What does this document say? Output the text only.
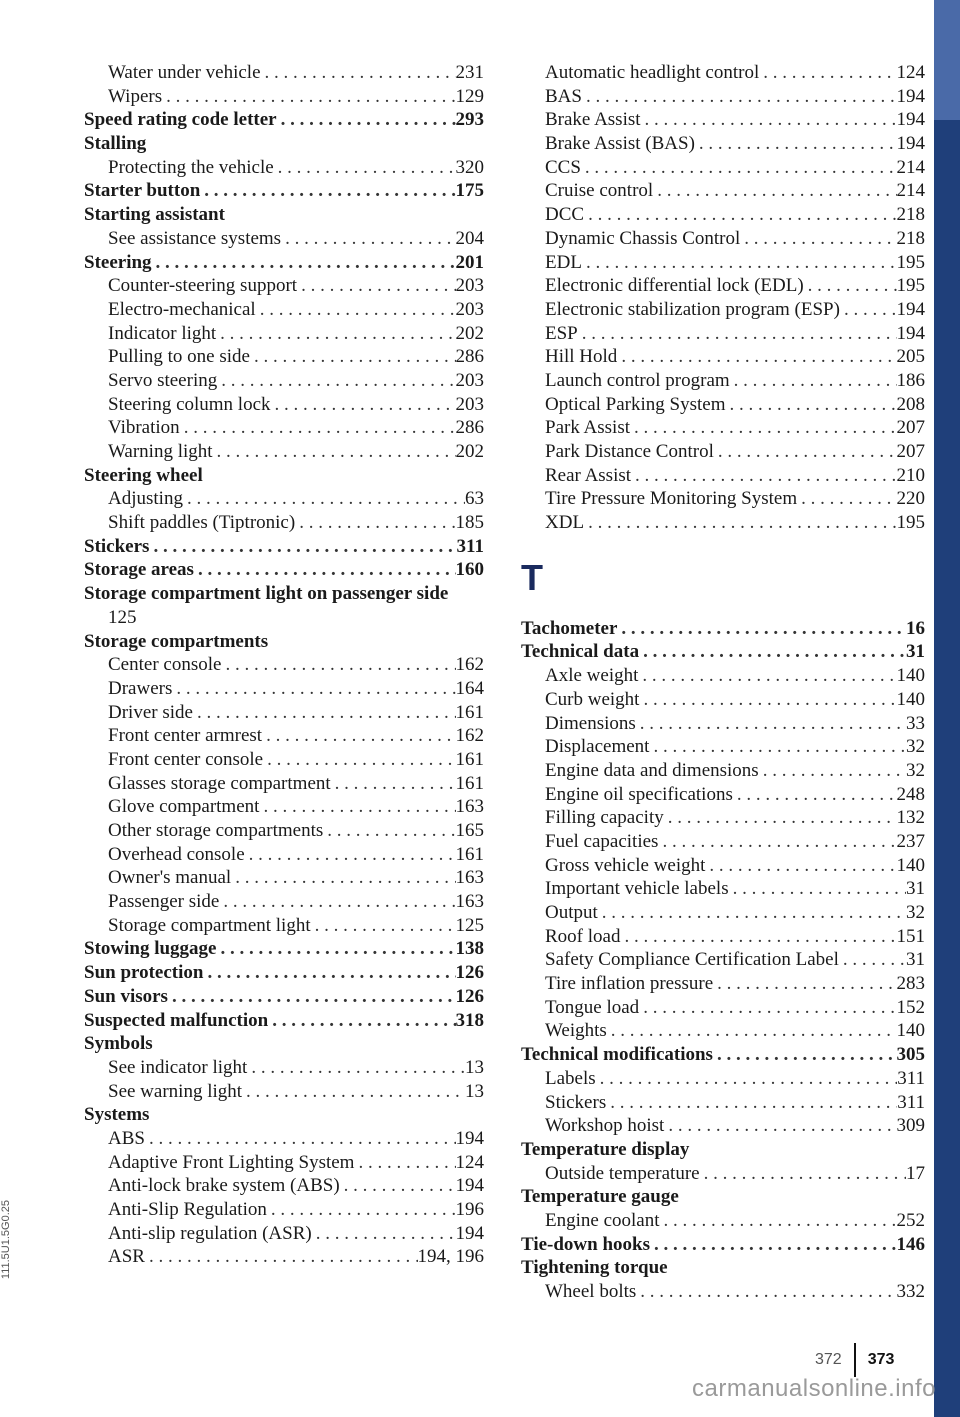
Water under vehicle . . .	231
Wipers . . .	129
Speed rating code letter . . .	293
Stalling
Protecting the vehicle . . .	320
Starter button . . .	175
Starting assistant
See assistance systems . . .	204
Steering . . .	201
Counter-steering support . . .	203
Electro-mechanical . . .	203
Indicator light . . .	202
Pulling to one side . . .	286
Servo steering . . .	203
Steering column lock . . .	203
Vibration . . .	286
Warning light . . .	202
Steering wheel
Adjusting . . .	63
Shift paddles (Tiptronic) . . .	185
Stickers . . .	311
Storage areas . . .	160
Storage compartment light on passenger side
125
Storage compartments
Center console . . .	162
Drawers . . .	164
Driver side . . .	161
Front center armrest . . .	162
Front center console . . .	161
Glasses storage compartment . . .	161
Glove compartment . . .	163
Other storage compartments . . .	165
Overhead console . . .	161
Owner's manual . . .	163
Passenger side . . .	163
Storage compartment light . . .	125
Stowing luggage . . .	138
Sun protection . . .	126
Sun visors . . .	126
Suspected malfunction . . .	318
Symbols
See indicator light . . .	13
See warning light . . .	13
Systems
ABS . . .	194
Adaptive Front Lighting System . . .	124
Anti-lock brake system (ABS) . . .	194
Anti-Slip Regulation . . .	196
Anti-slip regulation (ASR) . . .	194
ASR . . .	194, 196
Automatic headlight control . . .	124
BAS . . .	194
Brake Assist . . .	194
Brake Assist (BAS) . . .	194
CCS . . .	214
Cruise control . . .	214
DCC . . .	218
Dynamic Chassis Control . . .	218
EDL . . .	195
Electronic differential lock (EDL) . . .	195
Electronic stabilization program (ESP) . . .	194
ESP . . .	194
Hill Hold . . .	205
Launch control program . . .	186
Optical Parking System . . .	208
Park Assist . . .	207
Park Distance Control . . .	207
Rear Assist . . .	210
Tire Pressure Monitoring System . . .	220
XDL . . .	195
T
Tachometer . . .	16
Technical data . . .	31
Axle weight . . .	140
Curb weight . . .	140
Dimensions . . .	33
Displacement . . .	32
Engine data and dimensions . . .	32
Engine oil specifications . . .	248
Filling capacity . . .	132
Fuel capacities . . .	237
Gross vehicle weight . . .	140
Important vehicle labels . . .	31
Output . . .	32
Roof load . . .	151
Safety Compliance Certification Label . . .	31
Tire inflation pressure . . .	283
Tongue load . . .	152
Weights . . .	140
Technical modifications . . .	305
Labels . . .	311
Stickers . . .	311
Workshop hoist . . .	309
Temperature display
Outside temperature . . .	17
Temperature gauge
Engine coolant . . .	252
Tie-down hooks . . .	146
Tightening torque
Wheel bolts . . .	332
372 373
111.5U1.5G0.25
carmanualsonline.info
